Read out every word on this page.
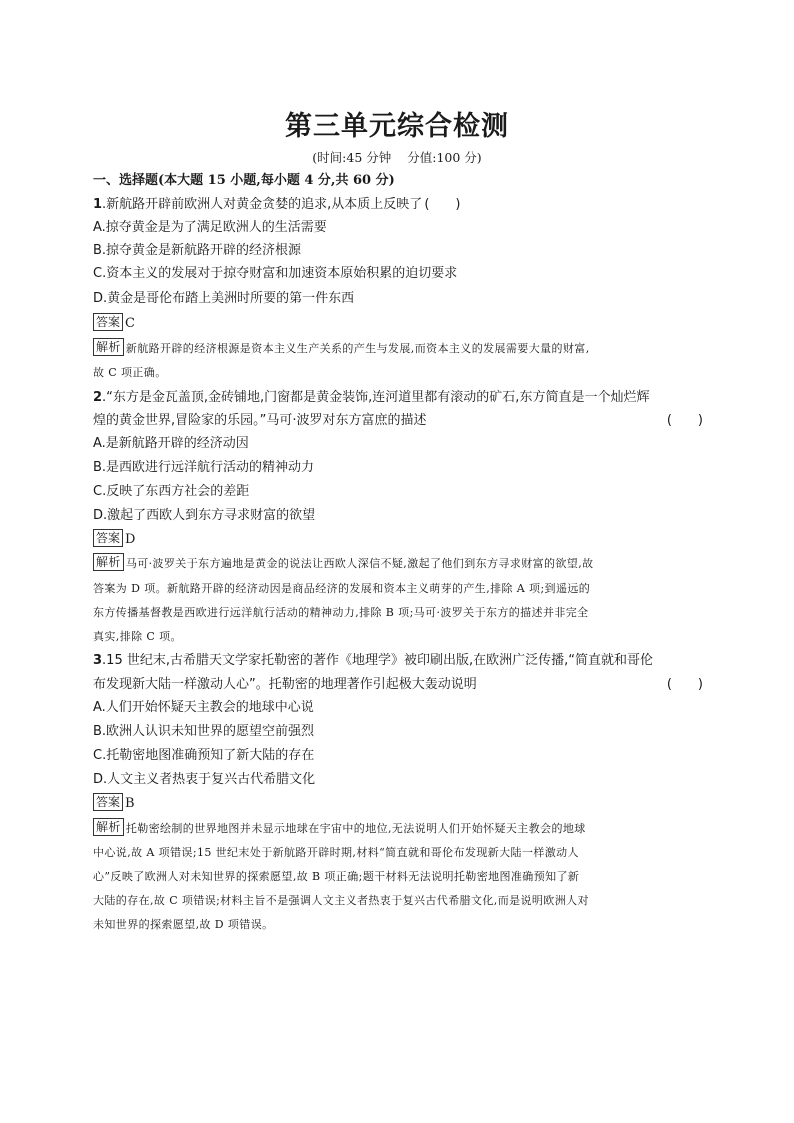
第三单元综合检测
(时间:45 分钟 分值:100 分)
一、选择题(本大题 15 小题,每小题 4 分,共 60 分)
1.新航路开辟前欧洲人对黄金贪婪的追求,从本质上反映了 (　　)
A.掠夺黄金是为了满足欧洲人的生活需要
B.掠夺黄金是新航路开辟的经济根源
C.资本主义的发展对于掠夺财富和加速资本原始积累的迫切要求
D.黄金是哥伦布踏上美洲时所要的第一件东西
答案 C
解析 新航路开辟的经济根源是资本主义生产关系的产生与发展,而资本主义的发展需要大量的财富,
故 C 项正确。
2.“东方是金瓦盖顶,金砖铺地,门窗都是黄金装饰,连河道里都有滚动的矿石,东方简直是一个灿烂辉
煌的黄金世界,冒险家的乐园。”马可·波罗对东方富庶的描述	(　　)
A.是新航路开辟的经济动因
B.是西欧进行远洋航行活动的精神动力
C.反映了东西方社会的差距
D.激起了西欧人到东方寻求财富的欲望
答案 D
解析 马可·波罗关于东方遍地是黄金的说法让西欧人深信不疑,激起了他们到东方寻求财富的欲望,故
答案为 D 项。新航路开辟的经济动因是商品经济的发展和资本主义萌芽的产生,排除 A 项;到遥远的
东方传播基督教是西欧进行远洋航行活动的精神动力,排除 B 项;马可·波罗关于东方的描述并非完全
真实,排除 C 项。
3.15 世纪末,古希腊天文学家托勒密的著作《地理学》被印刷出版,在欧洲广泛传播,“简直就和哥伦
布发现新大陆一样激动人心”。托勒密的地理著作引起极大轰动说明	(　　)
A.人们开始怀疑天主教会的地球中心说
B.欧洲人认识未知世界的愿望空前强烈
C.托勒密地图准确预知了新大陆的存在
D.人文主义者热衷于复兴古代希腊文化
答案 B
解析 托勒密绘制的世界地图并未显示地球在宇宙中的地位,无法说明人们开始怀疑天主教会的地球
中心说,故 A 项错误;15 世纪末处于新航路开辟时期,材料“简直就和哥伦布发现新大陆一样激动人
心”反映了欧洲人对未知世界的探索愿望,故 B 项正确;题干材料无法说明托勒密地图准确预知了新
大陆的存在,故 C 项错误;材料主旨不是强调人文主义者热衷于复兴古代希腊文化,而是说明欧洲人对
未知世界的探索愿望,故 D 项错误。
